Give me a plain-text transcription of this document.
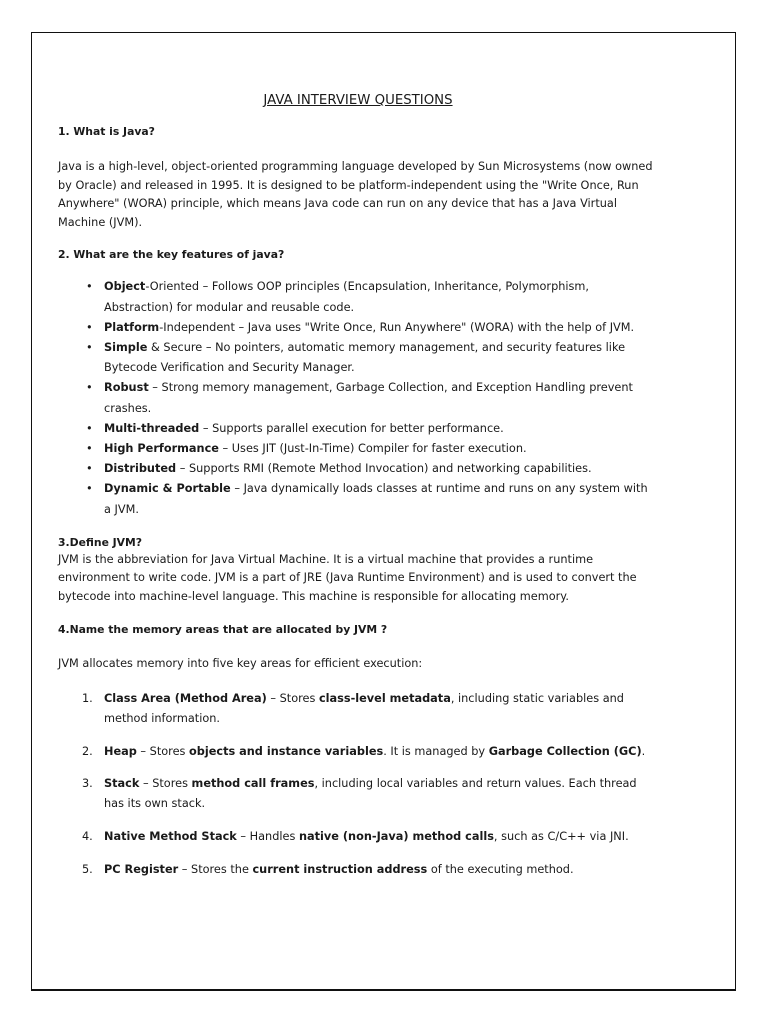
JAVA INTERVIEW QUESTIONS
1. What is Java?

Java is a high-level, object-oriented programming language developed by Sun Microsystems (now owned by Oracle) and released in 1995. It is designed to be platform-independent using the "Write Once, Run Anywhere" (WORA) principle, which means Java code can run on any device that has a Java Virtual Machine (JVM).

2. What are the key features of java?
• Object-Oriented – Follows OOP principles (Encapsulation, Inheritance, Polymorphism, Abstraction) for modular and reusable code.
• Platform-Independent – Java uses "Write Once, Run Anywhere" (WORA) with the help of JVM.
• Simple & Secure – No pointers, automatic memory management, and security features like Bytecode Verification and Security Manager.
• Robust – Strong memory management, Garbage Collection, and Exception Handling prevent crashes.
• Multi-threaded – Supports parallel execution for better performance.
• High Performance – Uses JIT (Just-In-Time) Compiler for faster execution.
• Distributed – Supports RMI (Remote Method Invocation) and networking capabilities.
• Dynamic & Portable – Java dynamically loads classes at runtime and runs on any system with a JVM.
3.Define JVM?

JVM is the abbreviation for Java Virtual Machine. It is a virtual machine that provides a runtime environment to write code. JVM is a part of JRE (Java Runtime Environment) and is used to convert the bytecode into machine-level language. This machine is responsible for allocating memory.

4.Name the memory areas that are allocated by JVM ?

JVM allocates memory into five key areas for efficient execution:

1. Class Area (Method Area) – Stores class-level metadata, including static variables and method information.
2. Heap – Stores objects and instance variables. It is managed by Garbage Collection (GC).
3. Stack – Stores method call frames, including local variables and return values. Each thread has its own stack.
4. Native Method Stack – Handles native (non-Java) method calls, such as C/C++ via JNI.
5. PC Register – Stores the current instruction address of the executing method.
